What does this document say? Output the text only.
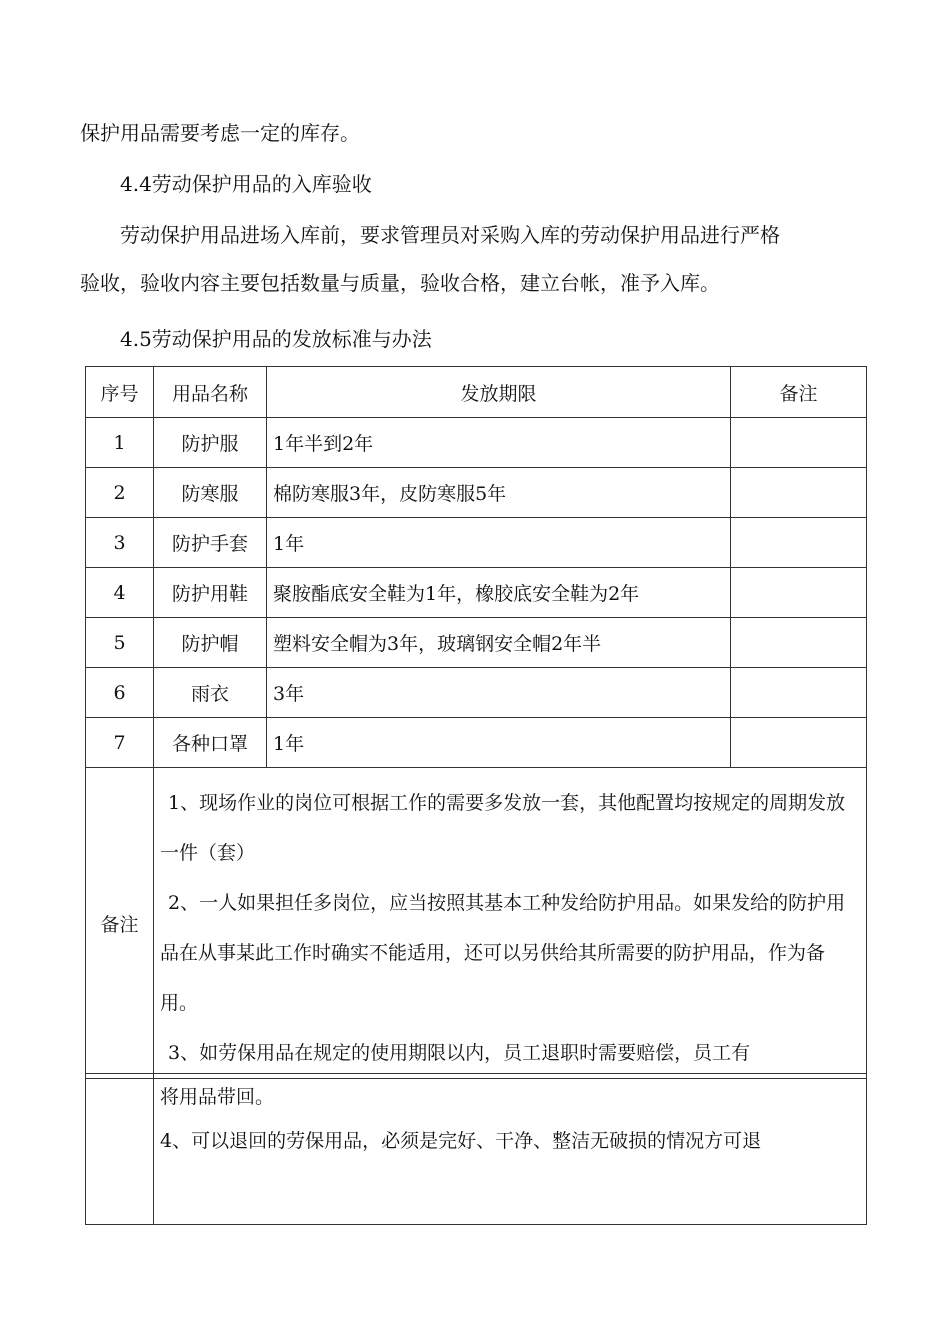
保护用品需要考虑一定的库存。
4.4劳动保护用品的入库验收
劳动保护用品进场入库前，要求管理员对采购入库的劳动保护用品进行严格
验收，验收内容主要包括数量与质量，验收合格，建立台帐，准予入库。
4.5劳动保护用品的发放标准与办法
序号	用品名称	发放期限	备注
1	防护服	1年半到2年	
2	防寒服	棉防寒服3年，皮防寒服5年	
3	防护手套	1年	
4	防护用鞋	聚胺酯底安全鞋为1年，橡胶底安全鞋为2年	
5	防护帽	塑料安全帽为3年，玻璃钢安全帽2年半	
6	雨衣	3年	
7	各种口罩	1年	
备注	1、现场作业的岗位可根据工作的需要多发放一套，其他配置均按规定的周期发放一件（套）
2、一人如果担任多岗位，应当按照其基本工种发给防护用品。如果发给的防护用品在从事某此工作时确实不能适用，还可以另供给其所需要的防护用品，作为备用。
3、如劳保用品在规定的使用期限以内，员工退职时需要赔偿，员工有		

将用品带回。
4、可以退回的劳保用品，必须是完好、干净、整洁无破损的情况方可退
